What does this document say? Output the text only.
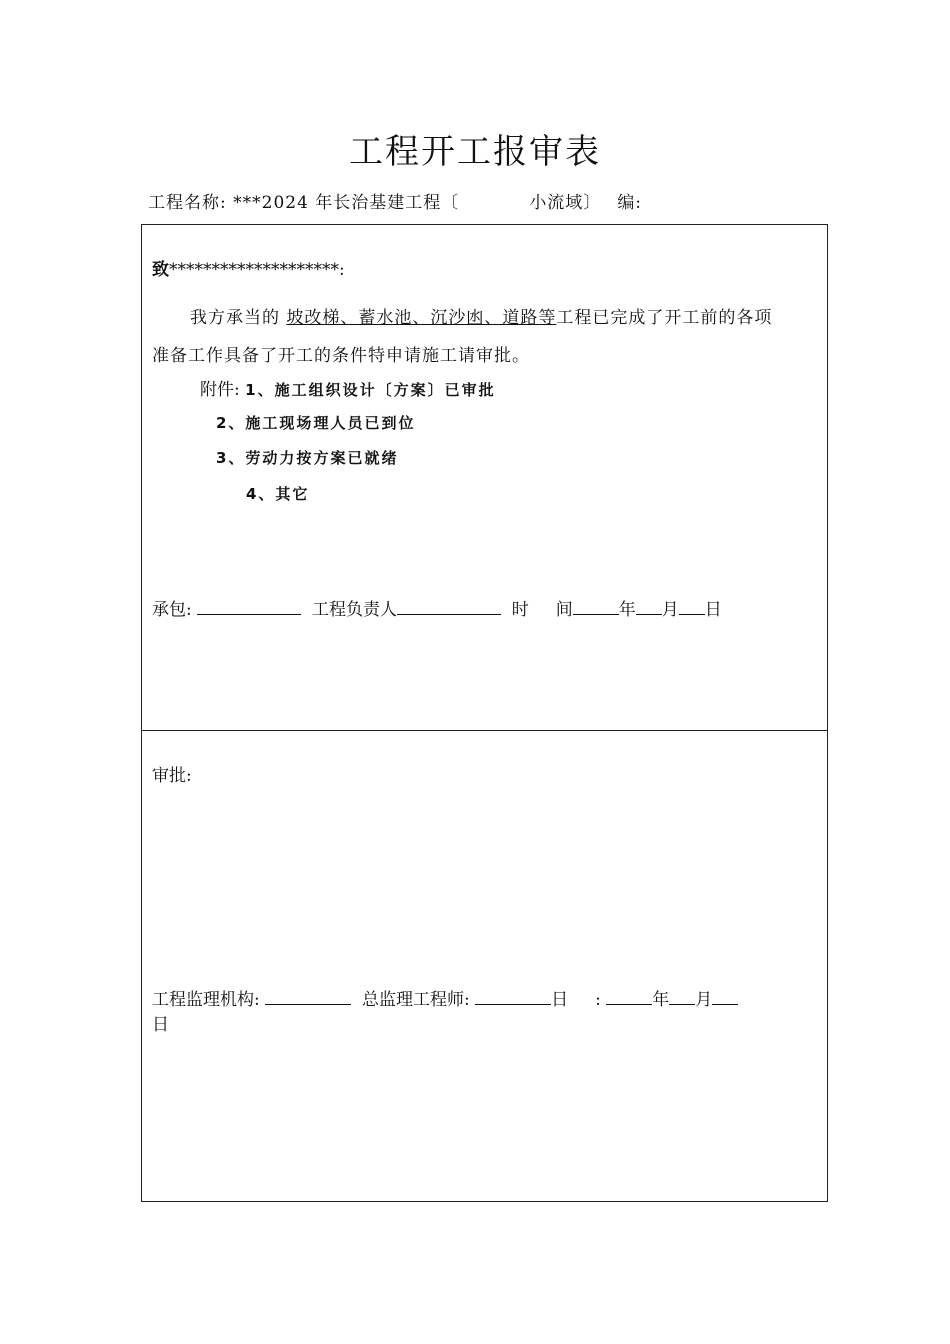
工程开工报审表
工程名称: ***2024 年长治基建工程〔	小流域〕 编:
致********************:
我方承当的 坡改梯、蓄水池、沉沙凼、道路等工程已完成了开工前的各项
准备工作具备了开工的条件特申请施工请审批。
附件: 1、施工组织设计〔方案〕已审批
2、施工现场理人员已到位
3、劳动力按方案已就绪
4、其它
承包:	工程负责人	时 间	年 月 日
审批:
工程监理机构:	总监理工程师:	日 :	年 月
日
